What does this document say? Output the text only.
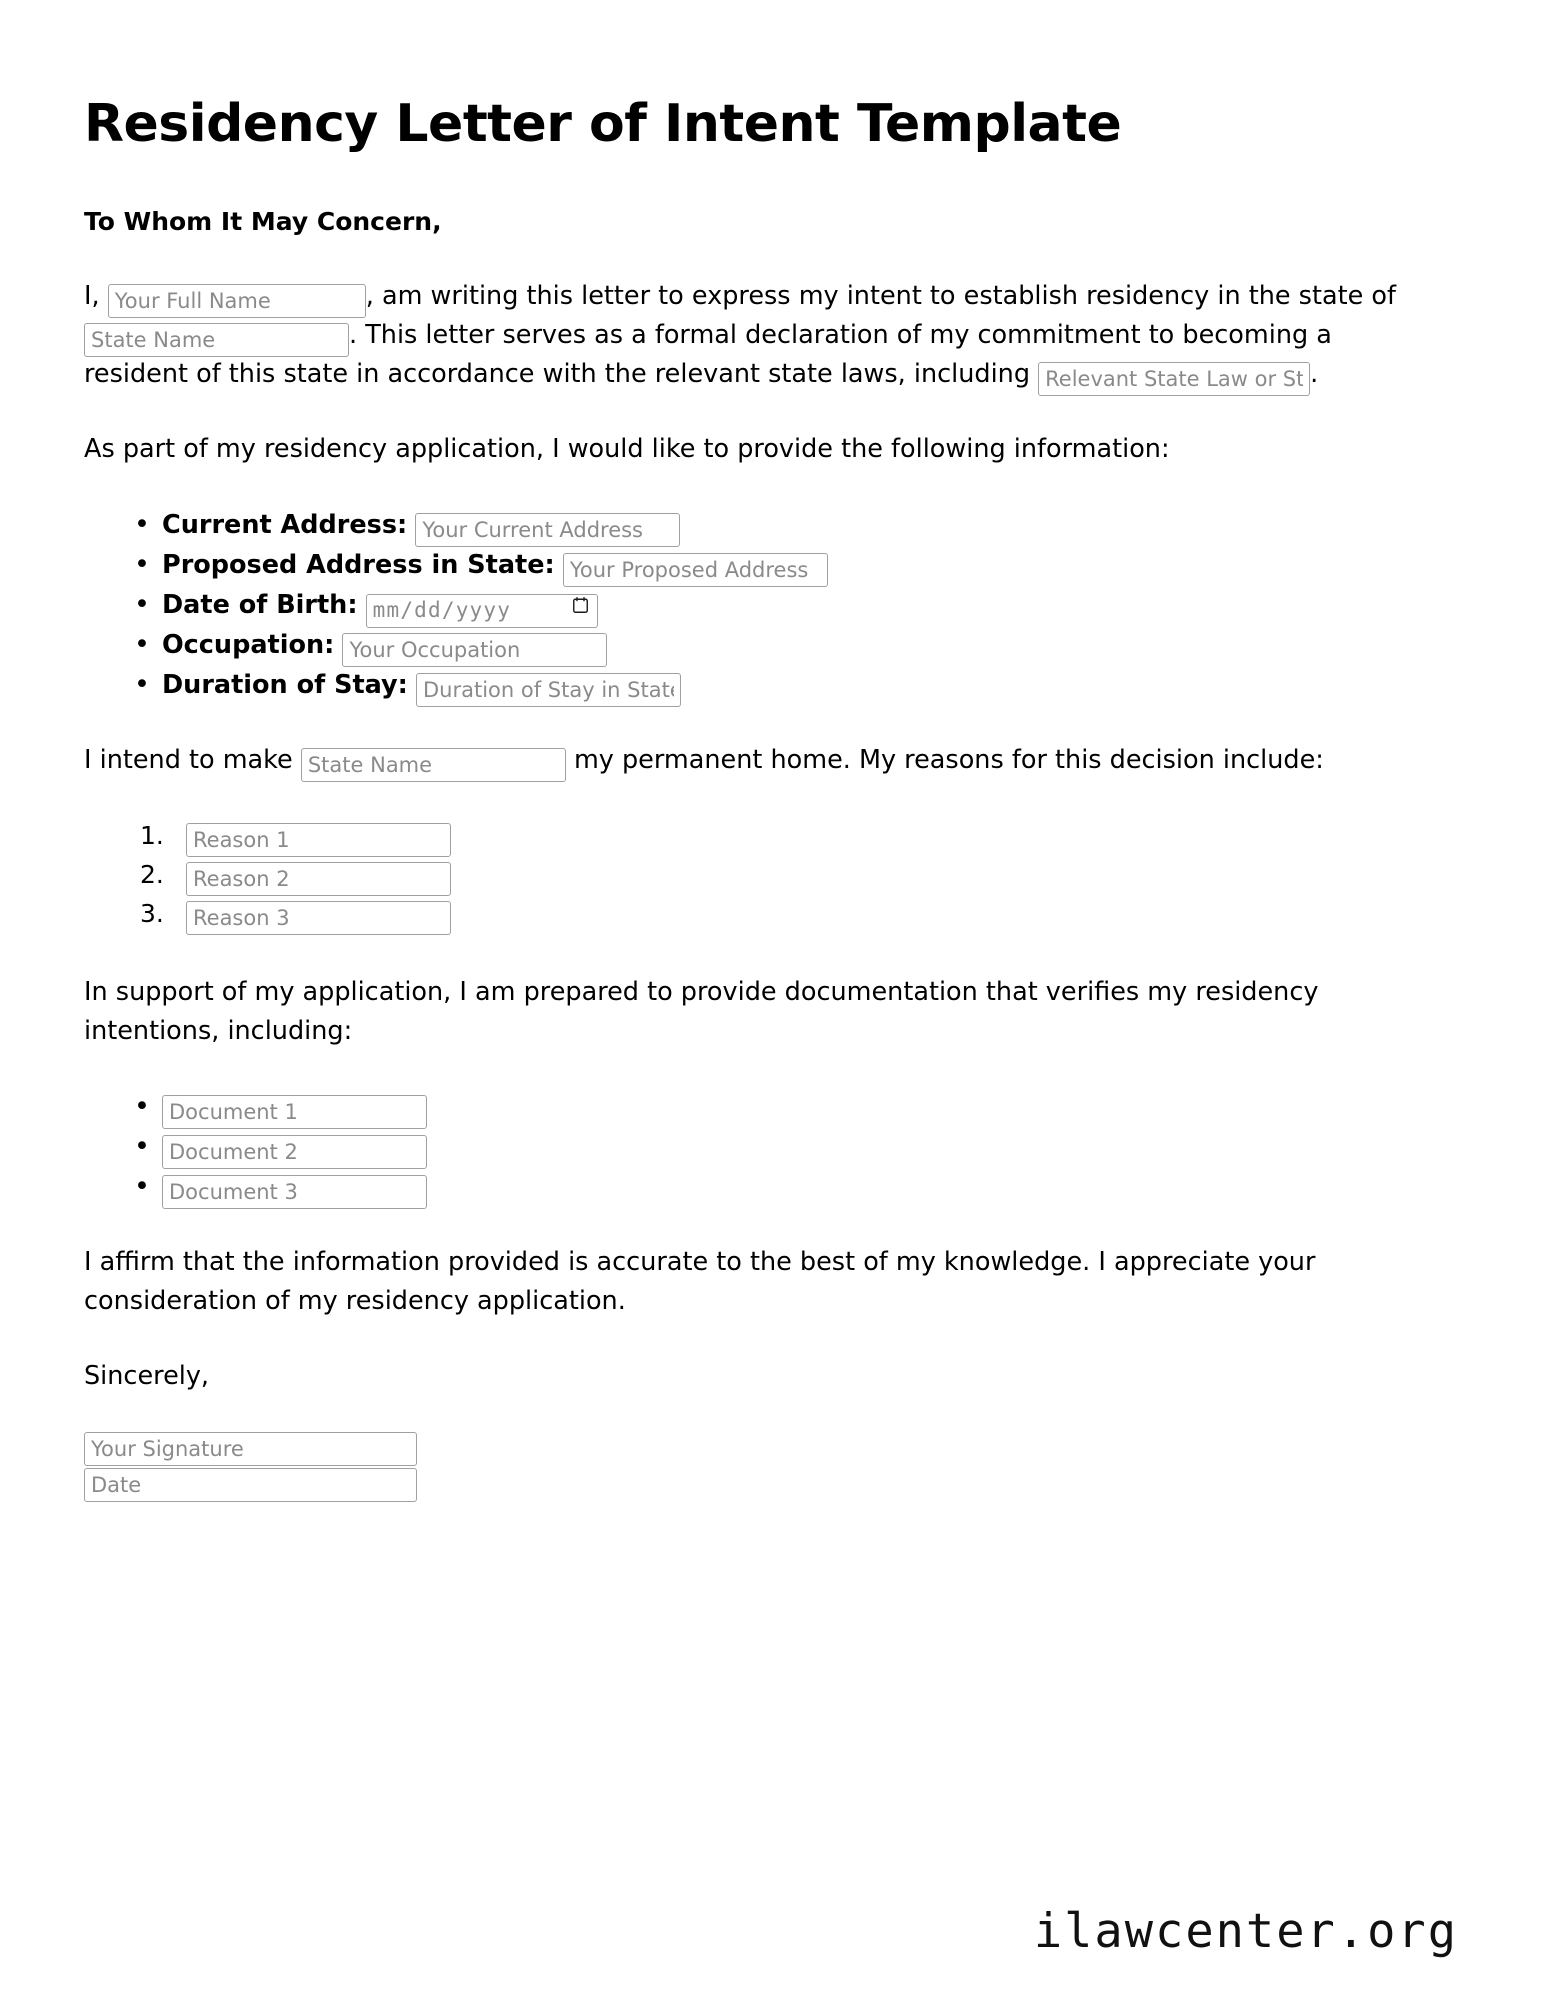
Residency Letter of Intent Template
To Whom It May Concern,

I, Your Full Name	, am writing this letter to express my intent to establish residency in the state of State Name. This letter serves as a formal declaration of my commitment to becoming a resident of this state in accordance with the relevant state laws, including Relevant State Law or Statute	.

As part of my residency application, I would like to provide the following information:

• Current Address: Your Current Address
• Proposed Address in State: Your Proposed Address
• Date of Birth: mm/dd/yyyy
• Occupation: Your Occupation
• Duration of Stay: Duration of Stay in State

I intend to make State Name	my permanent home. My reasons for this decision include:

Reason 1
Reason 2
Reason 3

In support of my application, I am prepared to provide documentation that verifies my residency intentions, including:

• Document 1
• Document 2
• Document 3

I affirm that the information provided is accurate to the best of my knowledge. I appreciate your consideration of my residency application.

Sincerely,

Your Signature
Date
ilawcenter.org
